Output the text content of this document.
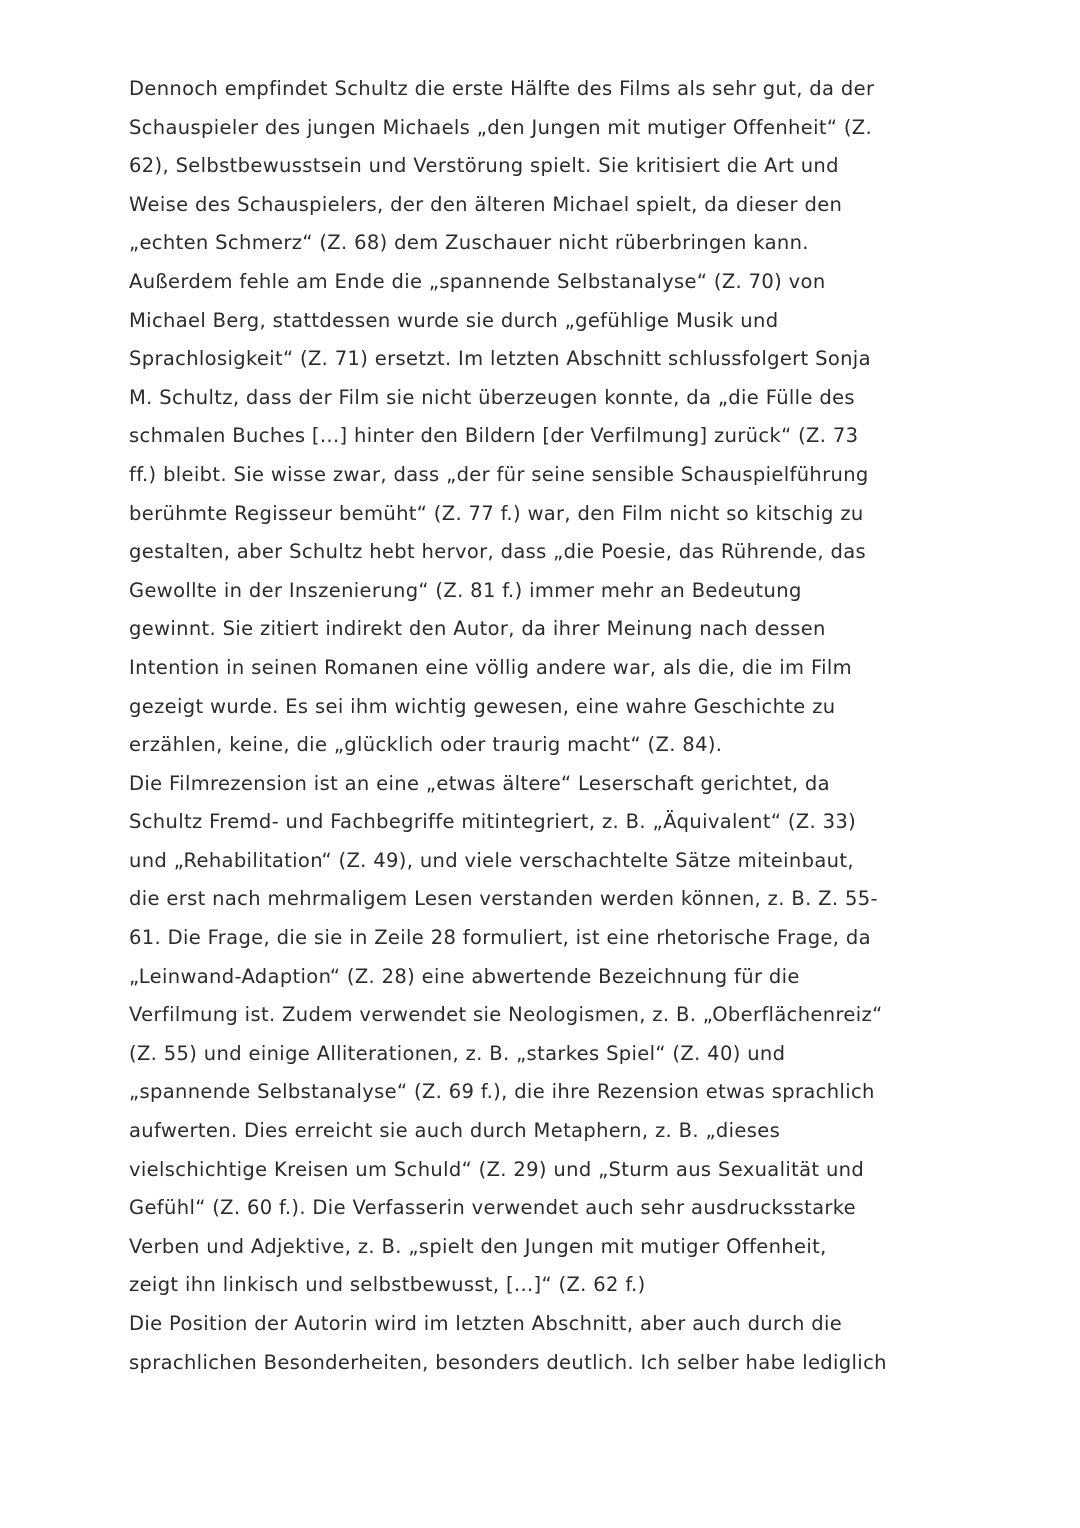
Dennoch empfindet Schultz die erste Hälfte des Films als sehr gut, da der
Schauspieler des jungen Michaels „den Jungen mit mutiger Offenheit“ (Z.
62), Selbstbewusstsein und Verstörung spielt. Sie kritisiert die Art und
Weise des Schauspielers, der den älteren Michael spielt, da dieser den
„echten Schmerz“ (Z. 68) dem Zuschauer nicht rüberbringen kann.
Außerdem fehle am Ende die „spannende Selbstanalyse“ (Z. 70) von
Michael Berg, stattdessen wurde sie durch „gefühlige Musik und
Sprachlosigkeit“ (Z. 71) ersetzt. Im letzten Abschnitt schlussfolgert Sonja
M. Schultz, dass der Film sie nicht überzeugen konnte, da „die Fülle des
schmalen Buches [...] hinter den Bildern [der Verfilmung] zurück“ (Z. 73
ff.) bleibt. Sie wisse zwar, dass „der für seine sensible Schauspielführung
berühmte Regisseur bemüht“ (Z. 77 f.) war, den Film nicht so kitschig zu
gestalten, aber Schultz hebt hervor, dass „die Poesie, das Rührende, das
Gewollte in der Inszenierung“ (Z. 81 f.) immer mehr an Bedeutung
gewinnt. Sie zitiert indirekt den Autor, da ihrer Meinung nach dessen
Intention in seinen Romanen eine völlig andere war, als die, die im Film
gezeigt wurde. Es sei ihm wichtig gewesen, eine wahre Geschichte zu
erzählen, keine, die „glücklich oder traurig macht“ (Z. 84).
Die Filmrezension ist an eine „etwas ältere“ Leserschaft gerichtet, da
Schultz Fremd- und Fachbegriffe mitintegriert, z. B. „Äquivalent“ (Z. 33)
und „Rehabilitation“ (Z. 49), und viele verschachtelte Sätze miteinbaut,
die erst nach mehrmaligem Lesen verstanden werden können, z. B. Z. 55-
61. Die Frage, die sie in Zeile 28 formuliert, ist eine rhetorische Frage, da
„Leinwand-Adaption“ (Z. 28) eine abwertende Bezeichnung für die
Verfilmung ist. Zudem verwendet sie Neologismen, z. B. „Oberflächenreiz“
(Z. 55) und einige Alliterationen, z. B. „starkes Spiel“ (Z. 40) und
„spannende Selbstanalyse“ (Z. 69 f.), die ihre Rezension etwas sprachlich
aufwerten. Dies erreicht sie auch durch Metaphern, z. B. „dieses
vielschichtige Kreisen um Schuld“ (Z. 29) und „Sturm aus Sexualität und
Gefühl“ (Z. 60 f.). Die Verfasserin verwendet auch sehr ausdrucksstarke
Verben und Adjektive, z. B. „spielt den Jungen mit mutiger Offenheit,
zeigt ihn linkisch und selbstbewusst, [...]“ (Z. 62 f.)
Die Position der Autorin wird im letzten Abschnitt, aber auch durch die
sprachlichen Besonderheiten, besonders deutlich. Ich selber habe lediglich
